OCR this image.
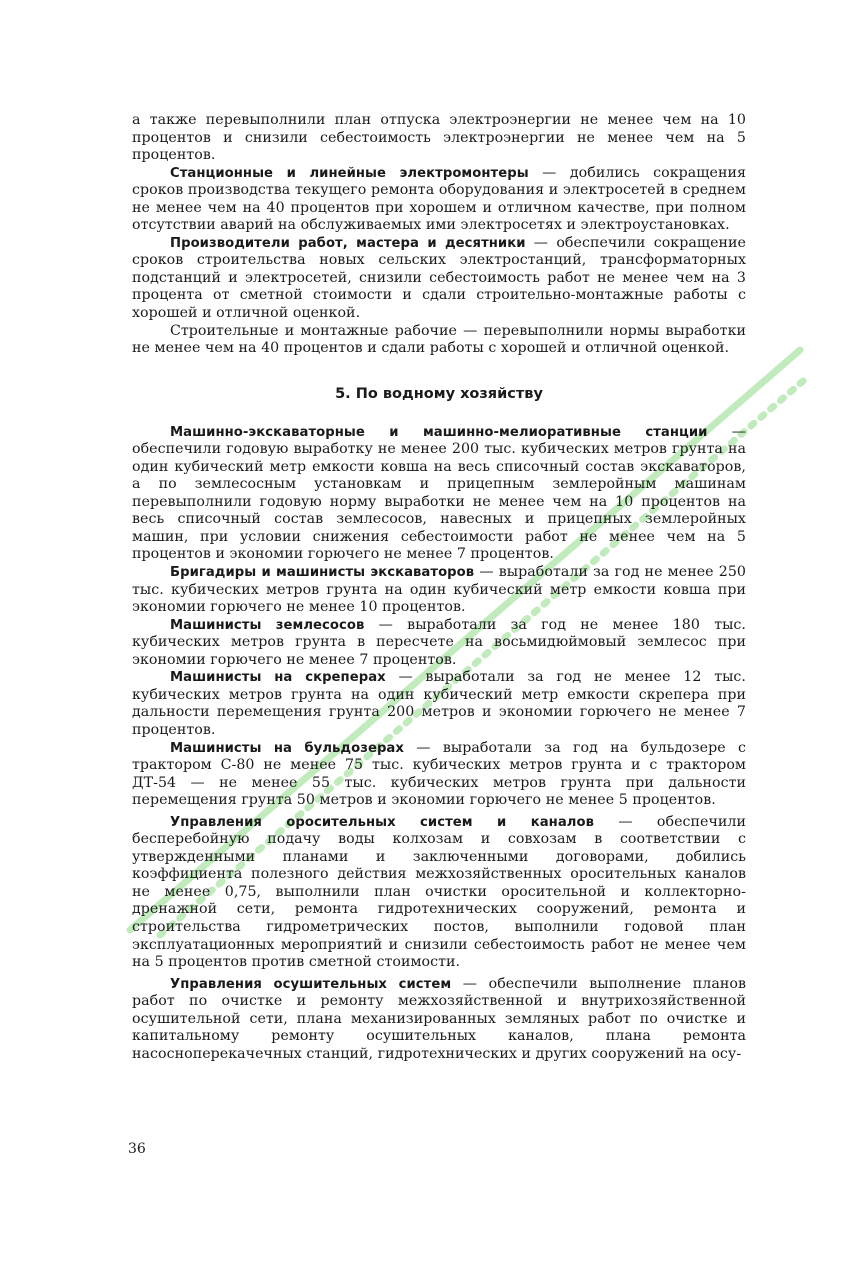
а также перевыполнили план отпуска электроэнергии не менее чем на 10 процентов и снизили себестоимость электроэнергии не менее чем на 5 процентов.

Станционные и линейные электромонтеры — добились сокращения сроков производства текущего ремонта оборудования и электросетей в среднем не менее чем на 40 процентов при хорошем и отличном качестве, при полном отсутствии аварий на обслуживаемых ими электросетях и электроустановках.

Производители работ, мастера и десятники — обеспечили сокращение сроков строительства новых сельских электростанций, трансформаторных подстанций и электросетей, снизили себестоимость работ не менее чем на 3 процента от сметной стоимости и сдали строительно-монтажные работы с хорошей и отличной оценкой.

Строительные и монтажные рабочие — перевыполнили нормы выработки не менее чем на 40 процентов и сдали работы с хорошей и отличной оценкой.

5. По водному хозяйству

Машинно-экскаваторные и машинно-мелиоративные станции — обеспечили годовую выработку не менее 200 тыс. кубических метров грунта на один кубический метр емкости ковша на весь списочный состав экскаваторов, а по землесосным установкам и прицепным землеройным машинам перевыполнили годовую норму выработки не менее чем на 10 процентов на весь списочный состав землесосов, навесных и прицепных землеройных машин, при условии снижения себестоимости работ не менее чем на 5 процентов и экономии горючего не менее 7 процентов.

Бригадиры и машинисты экскаваторов — выработали за год не менее 250 тыс. кубических метров грунта на один кубический метр емкости ковша при экономии горючего не менее 10 процентов.

Машинисты землесосов — выработали за год не менее 180 тыс. кубических метров грунта в пересчете на восьмидюймовый землесос при экономии горючего не менее 7 процентов.

Машинисты на скреперах — выработали за год не менее 12 тыс. кубических метров грунта на один кубический метр емкости скрепера при дальности перемещения грунта 200 метров и экономии горючего не менее 7 процентов.

Машинисты на бульдозерах — выработали за год на бульдозере с трактором С-80 не менее 75 тыс. кубических метров грунта и с трактором ДТ-54 — не менее 55 тыс. кубических метров грунта при дальности перемещения грунта 50 метров и экономии горючего не менее 5 процентов.

Управления оросительных систем и каналов — обеспечили бесперебойную подачу воды колхозам и совхозам в соответствии с утвержденными планами и заключенными договорами, добились коэффициента полезного действия межхозяйственных оросительных каналов не менее 0,75, выполнили план очистки оросительной и коллекторно-дренажной сети, ремонта гидротехнических сооружений, ремонта и строительства гидрометрических постов, выполнили годовой план эксплуатационных мероприятий и снизили себестоимость работ не менее чем на 5 процентов против сметной стоимости.

Управления осушительных систем — обеспечили выполнение планов работ по очистке и ремонту межхозяйственной и внутрихозяйственной осушительной сети, плана механизированных земляных работ по очистке и капитальному ремонту осушительных каналов, плана ремонта насосноперекачечных станций, гидротехнических и других сооружений на осу-

36
